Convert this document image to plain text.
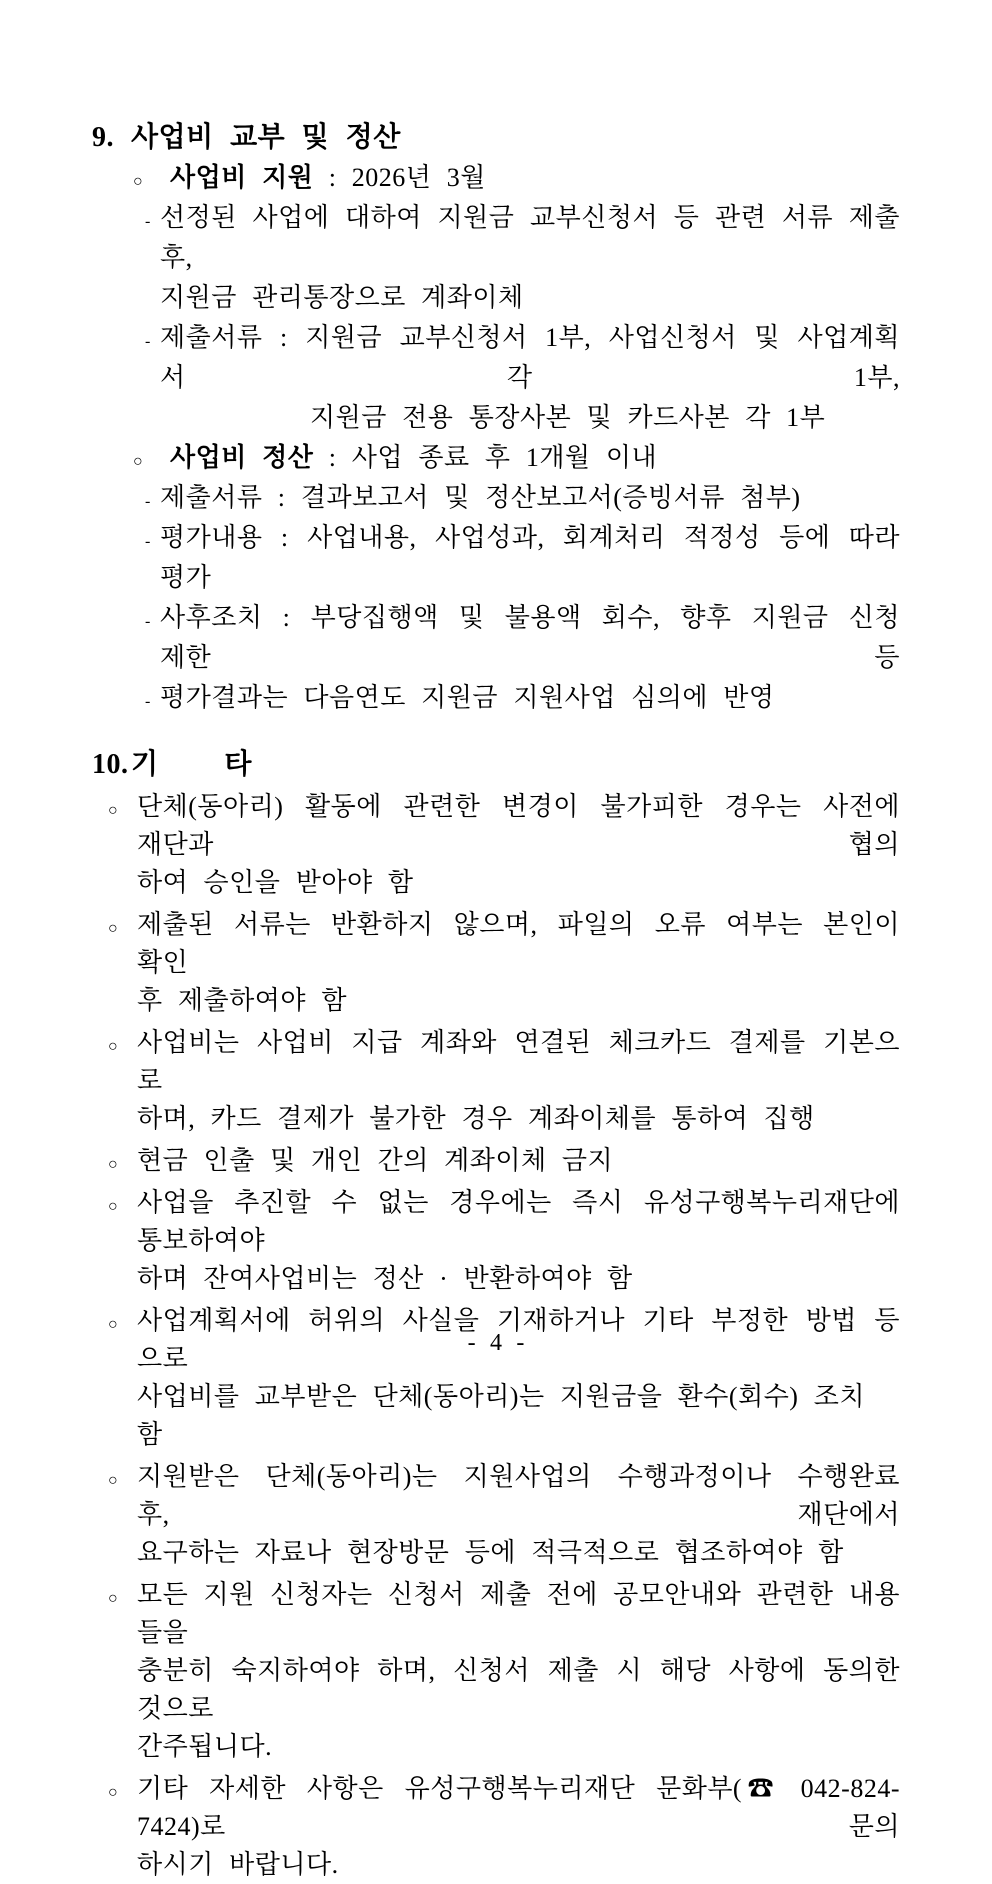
9. 사업비 교부 및 정산
○	사업비 지원 : 2026년 3월
- 선정된 사업에 대하여 지원금 교부신청서 등 관련 서류 제출 후,
지원금 관리통장으로 계좌이체
- 제출서류 : 지원금 교부신청서 1부, 사업신청서 및 사업계획서 각 1부,
지원금 전용 통장사본 및 카드사본 각 1부
○	사업비 정산 : 사업 종료 후 1개월 이내
- 제출서류 : 결과보고서 및 정산보고서(증빙서류 첨부)
- 평가내용 : 사업내용, 사업성과, 회계처리 적정성 등에 따라 평가
- 사후조치 : 부당집행액 및 불용액 회수, 향후 지원금 신청 제한 등
- 평가결과는 다음연도 지원금 지원사업 심의에 반영
10. 기    타
○ 단체(동아리) 활동에 관련한 변경이 불가피한 경우는 사전에 재단과 협의
하여 승인을 받아야 함
○ 제출된 서류는 반환하지 않으며, 파일의 오류 여부는 본인이 확인
후 제출하여야 함
○ 사업비는 사업비 지급 계좌와 연결된 체크카드 결제를 기본으로
하며, 카드 결제가 불가한 경우 계좌이체를 통하여 집행
○ 현금 인출 및 개인 간의 계좌이체 금지
○ 사업을 추진할 수 없는 경우에는 즉시 유성구행복누리재단에 통보하여야
하며 잔여사업비는 정산 · 반환하여야 함
○ 사업계획서에 허위의 사실을 기재하거나 기타 부정한 방법 등으로
사업비를 교부받은 단체(동아리)는 지원금을 환수(회수) 조치 함
○ 지원받은 단체(동아리)는 지원사업의 수행과정이나 수행완료 후, 재단에서
요구하는 자료나 현장방문 등에 적극적으로 협조하여야 함
○ 모든 지원 신청자는 신청서 제출 전에 공모안내와 관련한 내용들을
충분히 숙지하여야 하며, 신청서 제출 시 해당 사항에 동의한 것으로
간주됩니다.
○ 기타 자세한 사항은 유성구행복누리재단 문화부(☎ 042-824-7424)로 문의
하시기 바랍니다.
- 4 -
